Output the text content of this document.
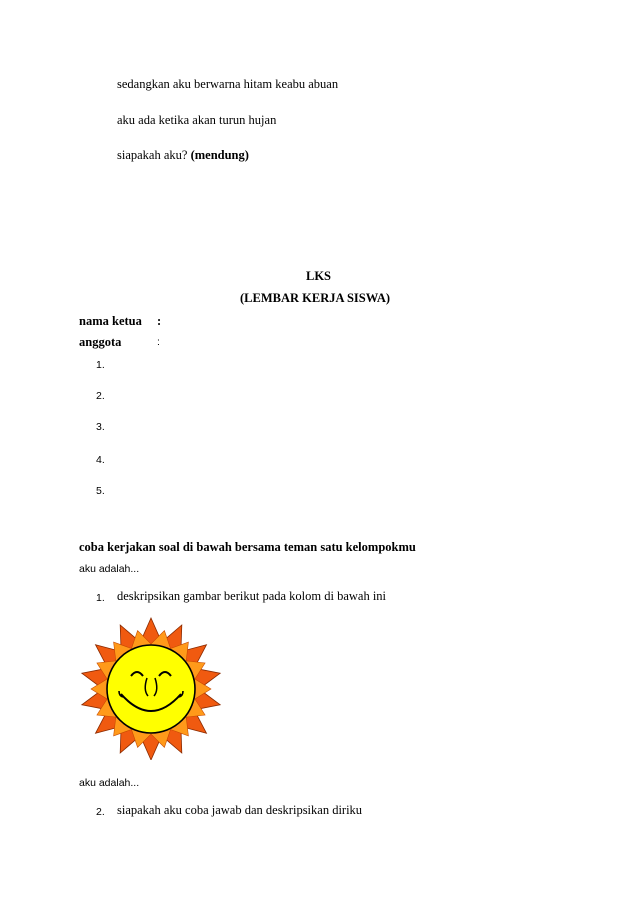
sedangkan aku berwarna hitam keabu abuan
aku ada ketika akan turun hujan
siapakah aku? (mendung)
LKS
(LEMBAR KERJA SISWA)
nama ketua :
anggota	:
1.
2.
3.
4.
5.
coba kerjakan soal di bawah bersama teman satu kelompokmu
aku adalah...
1. deskripsikan gambar berikut pada kolom di bawah ini
aku adalah...
2. siapakah aku coba jawab dan deskripsikan diriku
